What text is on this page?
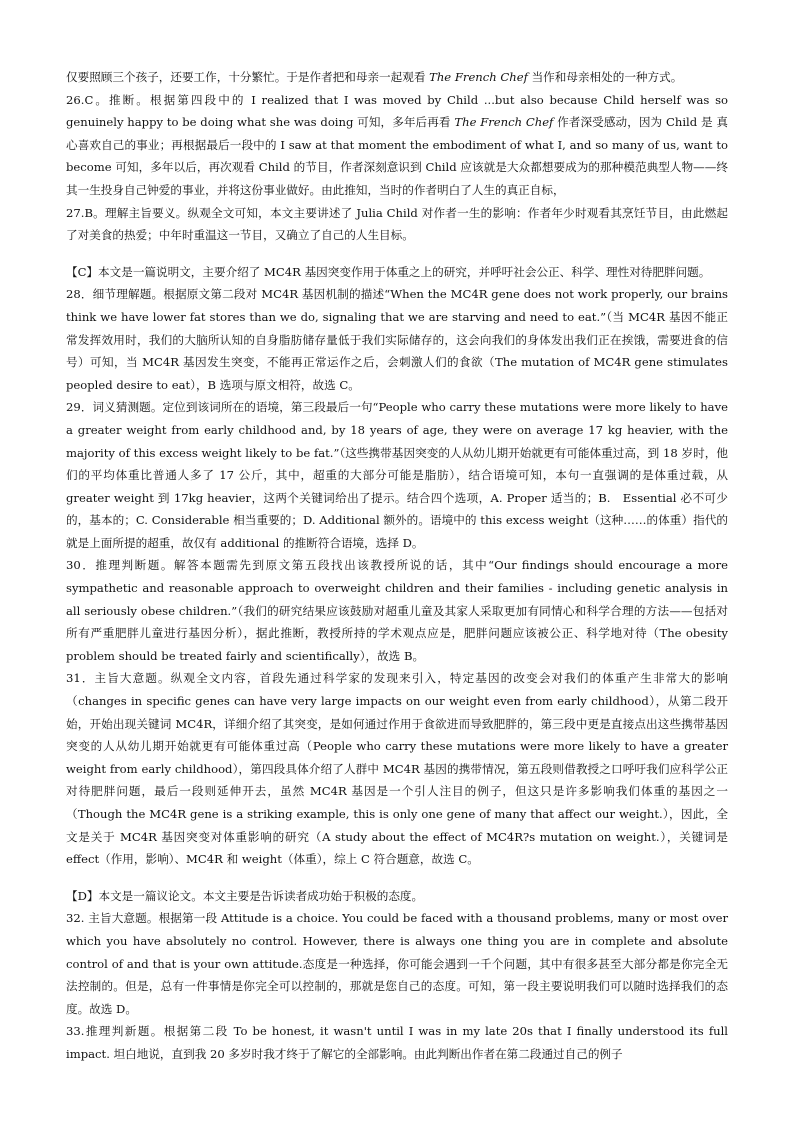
仅要照顾三个孩子，还要工作，十分繁忙。于是作者把和母亲一起观看 The French Chef 当作和母亲相处的一种方式。

26.C。推断。根据第四段中的 I realized that I was moved by Child ...but also because Child herself was so genuinely happy to be doing what she was doing 可知，多年后再看 The French Chef 作者深受感动，因为 Child 是 真心喜欢自己的事业；再根据最后一段中的 I saw at that moment the embodiment of what I, and so many of us, want to become 可知，多年以后，再次观看 Child 的节目，作者深刻意识到 Child 应该就是大众都想要成为的那种模范典型人物——终其一生投身自己钟爱的事业，并将这份事业做好。由此推知，当时的作者明白了人生的真正自标，

27.B。理解主旨要义。纵观全文可知，本文主要讲述了 Julia Child 对作者一生的影响：作者年少时观看其烹饪节目，由此燃起了对美食的热爱；中年时重温这一节目，又确立了自己的人生目标。

【C】本文是一篇说明文，主要介绍了 MC4R 基因突变作用于体重之上的研究，并呼吁社会公正、科学、理性对待肥胖问题。

28．细节理解题。根据原文第二段对 MC4R 基因机制的描述“When the MC4R gene does not work properly, our brains think we have lower fat stores than we do, signaling that we are starving and need to eat.”（当 MC4R 基因不能正常发挥效用时，我们的大脑所认知的自身脂肪储存量低于我们实际储存的，这会向我们的身体发出我们正在挨饿，需要进食的信号）可知，当 MC4R 基因发生突变，不能再正常运作之后，会刺激人们的食欲（The mutation of MC4R gene stimulates peopled desire to eat），B 选项与原文相符，故选 C。

29．词义猜测题。定位到该词所在的语境，第三段最后一句“People who carry these mutations were more likely to have a greater weight from early childhood and, by 18 years of age, they were on average 17 kg heavier, with the majority of this excess weight likely to be fat.”（这些携带基因突变的人从幼儿期开始就更有可能体重过高，到 18 岁时，他们的平均体重比普通人多了 17 公斤，其中，超重的大部分可能是脂肪），结合语境可知，本句一直强调的是体重过载，从 greater weight 到 17kg heavier，这两个关键词给出了提示。结合四个选项，A. Proper 适当的；B.　Essential 必不可少的，基本的；C. Considerable 相当重要的；D. Additional 额外的。语境中的 this excess weight（这种……的体重）指代的就是上面所提的超重，故仅有 additional 的推断符合语境，选择 D。

30．推理判断题。解答本题需先到原文第五段找出该教授所说的话，其中“Our findings should encourage a more sympathetic and reasonable approach to overweight children and their families - including genetic analysis in all seriously obese children.”（我们的研究结果应该鼓励对超重儿童及其家人采取更加有同情心和科学合理的方法——包括对所有严重肥胖儿童进行基因分析），据此推断，教授所持的学术观点应是，肥胖问题应该被公正、科学地对待（The obesity problem should be treated fairly and scientifically），故选 B。

31．主旨大意题。纵观全文内容，首段先通过科学家的发现来引入，特定基因的改变会对我们的体重产生非常大的影响（changes in specific genes can have very large impacts on our weight even from early childhood），从第二段开始，开始出现关键词 MC4R，详细介绍了其突变，是如何通过作用于食欲进而导致肥胖的，第三段中更是直接点出这些携带基因突变的人从幼儿期开始就更有可能体重过高（People who carry these mutations were more likely to have a greater weight from early childhood），第四段具体介绍了人群中 MC4R 基因的携带情况，第五段则借教授之口呼吁我们应科学公正对待肥胖问题，最后一段则延伸开去，虽然 MC4R 基因是一个引人注目的例子，但这只是许多影响我们体重的基因之一（Though the MC4R gene is a striking example, this is only one gene of many that affect our weight.），因此，全文是关于 MC4R 基因突变对体重影响的研究（A study about the effect of MC4R?s mutation on weight.），关键词是 effect（作用，影响）、MC4R 和 weight（体重），综上 C 符合题意，故选 C。

【D】本文是一篇议论文。本文主要是告诉读者成功始于积极的态度。

32. 主旨大意题。根据第一段 Attitude is a choice. You could be faced with a thousand problems, many or most over which you have absolutely no control. However, there is always one thing you are in complete and absolute control of and that is your own attitude.态度是一种选择，你可能会遇到一千个问题，其中有很多甚至大部分都是你完全无法控制的。但是，总有一件事情是你完全可以控制的，那就是您自己的态度。可知，第一段主要说明我们可以随时选择我们的态度。故选 D。

33.推理判新题。根据第二段 To be honest, it wasn't until I was in my late 20s that I finally understood its full impact. 坦白地说，直到我 20 多岁时我才终于了解它的全部影响。由此判断出作者在第二段通过自己的例子
